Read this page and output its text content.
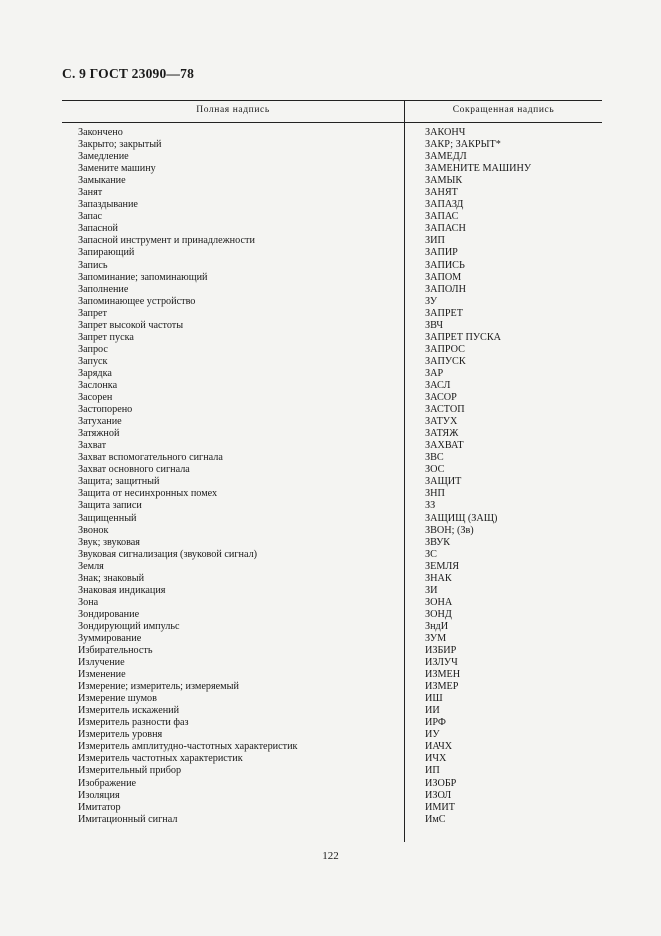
С. 9 ГОСТ 23090—78
Полная надпись	Сокращенная надпись
Закончено	ЗАКОНЧ
Закрыто; закрытый	ЗАКР; ЗАКРЫТ*
Замедление	ЗАМЕДЛ
Замените машину	ЗАМЕНИТЕ МАШИНУ
Замыкание	ЗАМЫК
Занят	ЗАНЯТ
Запаздывание	ЗАПАЗД
Запас	ЗАПАС
Запасной	ЗАПАСН
Запасной инструмент и принадлежности	ЗИП
Запирающий	ЗАПИР
Запись	ЗАПИСЬ
Запоминание; запоминающий	ЗАПОМ
Заполнение	ЗАПОЛН
Запоминающее устройство	ЗУ
Запрет	ЗАПРЕТ
Запрет высокой частоты	ЗВЧ
Запрет пуска	ЗАПРЕТ ПУСКА
Запрос	ЗАПРОС
Запуск	ЗАПУСК
Зарядка	ЗАР
Заслонка	ЗАСЛ
Засорен	ЗАСОР
Застопорено	ЗАСТОП
Затухание	ЗАТУХ
Затяжной	ЗАТЯЖ
Захват	ЗАХВАТ
Захват вспомогательного сигнала	ЗВС
Захват основного сигнала	ЗОС
Защита; защитный	ЗАЩИТ
Защита от несинхронных помех	ЗНП
Защита записи	ЗЗ
Защищенный	ЗАЩИЩ (ЗАЩ)
Звонок	ЗВОН; (Зв)
Звук; звуковая	ЗВУК
Звуковая сигнализация (звуковой сигнал)	ЗС
Земля	ЗЕМЛЯ
Знак; знаковый	ЗНАК
Знаковая индикация	ЗИ
Зона	ЗОНА
Зондирование	ЗОНД
Зондирующий импульс	ЗндИ
Зуммирование	ЗУМ
Избирательность	ИЗБИР
Излучение	ИЗЛУЧ
Изменение	ИЗМЕН
Измерение; измеритель; измеряемый	ИЗМЕР
Измерение шумов	ИШ
Измеритель искажений	ИИ
Измеритель разности фаз	ИРФ
Измеритель уровня	ИУ
Измеритель амплитудно-частотных характеристик	ИАЧХ
Измеритель частотных характеристик	ИЧХ
Измерительный прибор	ИП
Изображение	ИЗОБР
Изоляция	ИЗОЛ
Имитатор	ИМИТ
Имитационный сигнал	ИмС
122
